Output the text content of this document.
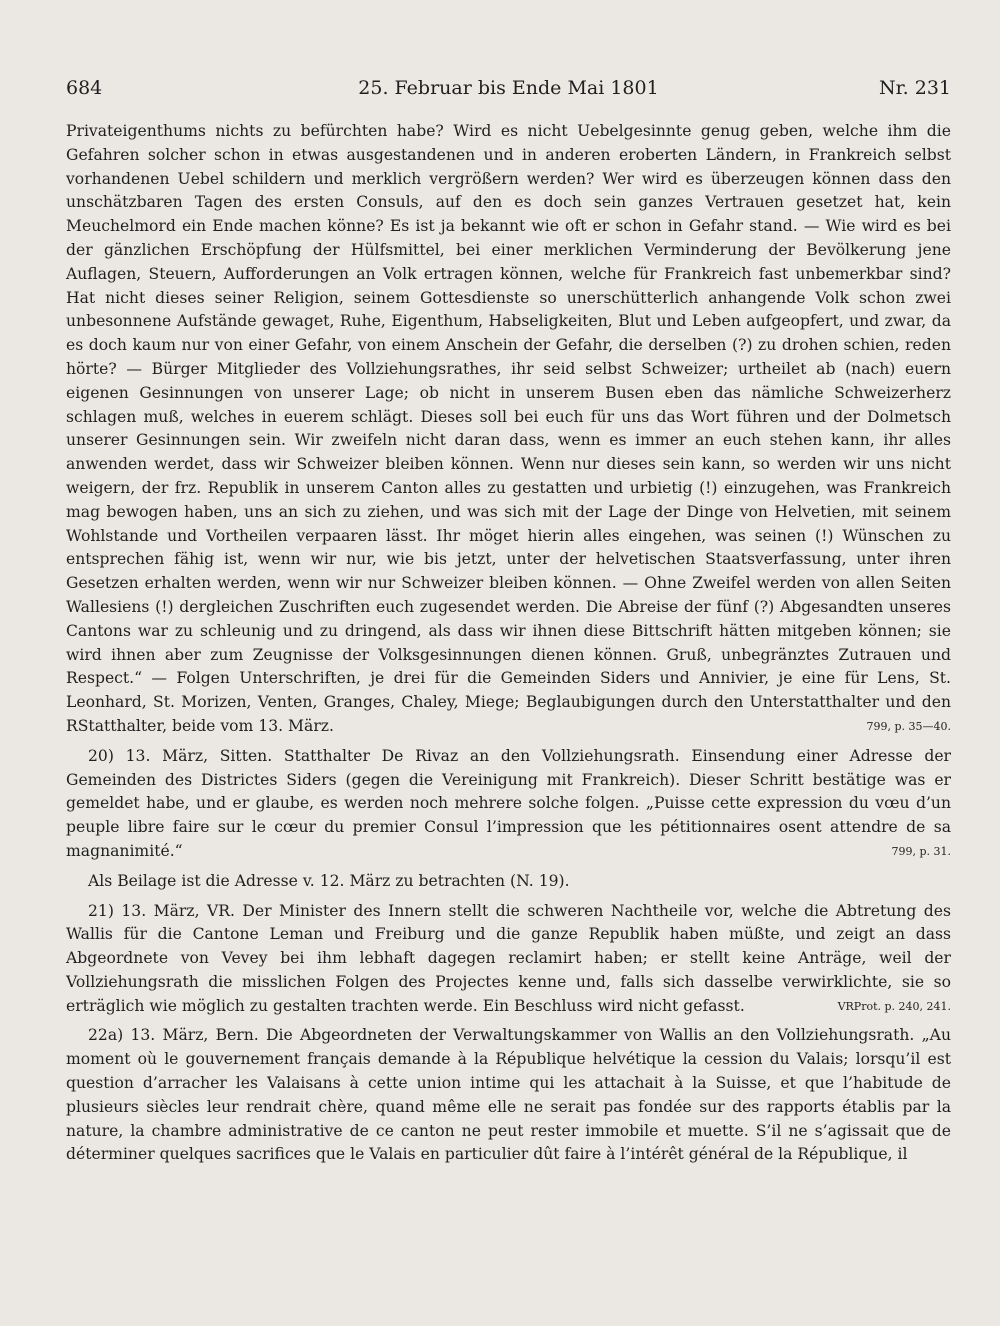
684	25. Februar bis Ende Mai 1801	Nr. 231

Privateigenthums nichts zu befürchten habe? Wird es nicht Uebelgesinnte genug geben, welche ihm die Gefahren solcher schon in etwas ausgestandenen und in anderen eroberten Ländern, in Frankreich selbst vorhandenen Uebel schildern und merklich vergrößern werden? Wer wird es überzeugen können dass den unschätzbaren Tagen des ersten Consuls, auf den es doch sein ganzes Vertrauen gesetzet hat, kein Meuchelmord ein Ende machen könne? Es ist ja bekannt wie oft er schon in Gefahr stand. — Wie wird es bei der gänzlichen Erschöpfung der Hülfsmittel, bei einer merklichen Verminderung der Bevölkerung jene Auflagen, Steuern, Aufforderungen an Volk ertragen können, welche für Frankreich fast unbemerkbar sind? Hat nicht dieses seiner Religion, seinem Gottesdienste so unerschütterlich anhangende Volk schon zwei unbesonnene Aufstände gewaget, Ruhe, Eigenthum, Habseligkeiten, Blut und Leben aufgeopfert, und zwar, da es doch kaum nur von einer Gefahr, von einem Anschein der Gefahr, die derselben (?) zu drohen schien, reden hörte? — Bürger Mitglieder des Vollziehungsrathes, ihr seid selbst Schweizer; urtheilet ab (nach) euern eigenen Gesinnungen von unserer Lage; ob nicht in unserem Busen eben das nämliche Schweizerherz schlagen muß, welches in euerem schlägt. Dieses soll bei euch für uns das Wort führen und der Dolmetsch unserer Gesinnungen sein. Wir zweifeln nicht daran dass, wenn es immer an euch stehen kann, ihr alles anwenden werdet, dass wir Schweizer bleiben können. Wenn nur dieses sein kann, so werden wir uns nicht weigern, der frz. Republik in unserem Canton alles zu gestatten und urbietig (!) einzugehen, was Frankreich mag bewogen haben, uns an sich zu ziehen, und was sich mit der Lage der Dinge von Helvetien, mit seinem Wohlstande und Vortheilen verpaaren lässt. Ihr möget hierin alles eingehen, was seinen (!) Wünschen zu entsprechen fähig ist, wenn wir nur, wie bis jetzt, unter der helvetischen Staatsverfassung, unter ihren Gesetzen erhalten werden, wenn wir nur Schweizer bleiben können. — Ohne Zweifel werden von allen Seiten Wallesiens (!) dergleichen Zuschriften euch zugesendet werden. Die Abreise der fünf (?) Abgesandten unseres Cantons war zu schleunig und zu dringend, als dass wir ihnen diese Bittschrift hätten mitgeben können; sie wird ihnen aber zum Zeugnisse der Volksgesinnungen dienen können. Gruß, unbegränztes Zutrauen und Respect.“ — Folgen Unterschriften, je drei für die Gemeinden Siders und Annivier, je eine für Lens, St. Leonhard, St. Morizen, Venten, Granges, Chaley, Miege; Beglaubigungen durch den Unterstatthalter und den RStatthalter, beide vom 13. März.	799, p. 35—40.

20) 13. März, Sitten. Statthalter De Rivaz an den Vollziehungsrath. Einsendung einer Adresse der Gemeinden des Districtes Siders (gegen die Vereinigung mit Frankreich). Dieser Schritt bestätige was er gemeldet habe, und er glaube, es werden noch mehrere solche folgen. „Puisse cette expression du vœu d’un peuple libre faire sur le cœur du premier Consul l’impression que les pétitionnaires osent attendre de sa magnanimité.“	799, p. 31.

Als Beilage ist die Adresse v. 12. März zu betrachten (N. 19).

21) 13. März, VR. Der Minister des Innern stellt die schweren Nachtheile vor, welche die Abtretung des Wallis für die Cantone Leman und Freiburg und die ganze Republik haben müßte, und zeigt an dass Abgeordnete von Vevey bei ihm lebhaft dagegen reclamirt haben; er stellt keine Anträge, weil der Vollziehungsrath die misslichen Folgen des Projectes kenne und, falls sich dasselbe verwirklichte, sie so erträglich wie möglich zu gestalten trachten werde. Ein Beschluss wird nicht gefasst.	VRProt. p. 240, 241.

22a) 13. März, Bern. Die Abgeordneten der Verwaltungskammer von Wallis an den Vollziehungsrath. „Au moment où le gouvernement français demande à la République helvétique la cession du Valais; lorsqu’il est question d’arracher les Valaisans à cette union intime qui les attachait à la Suisse, et que l’habitude de plusieurs siècles leur rendrait chère, quand même elle ne serait pas fondée sur des rapports établis par la nature, la chambre administrative de ce canton ne peut rester immobile et muette. S’il ne s’agissait que de déterminer quelques sacrifices que le Valais en particulier dût faire à l’intérêt général de la République, il
